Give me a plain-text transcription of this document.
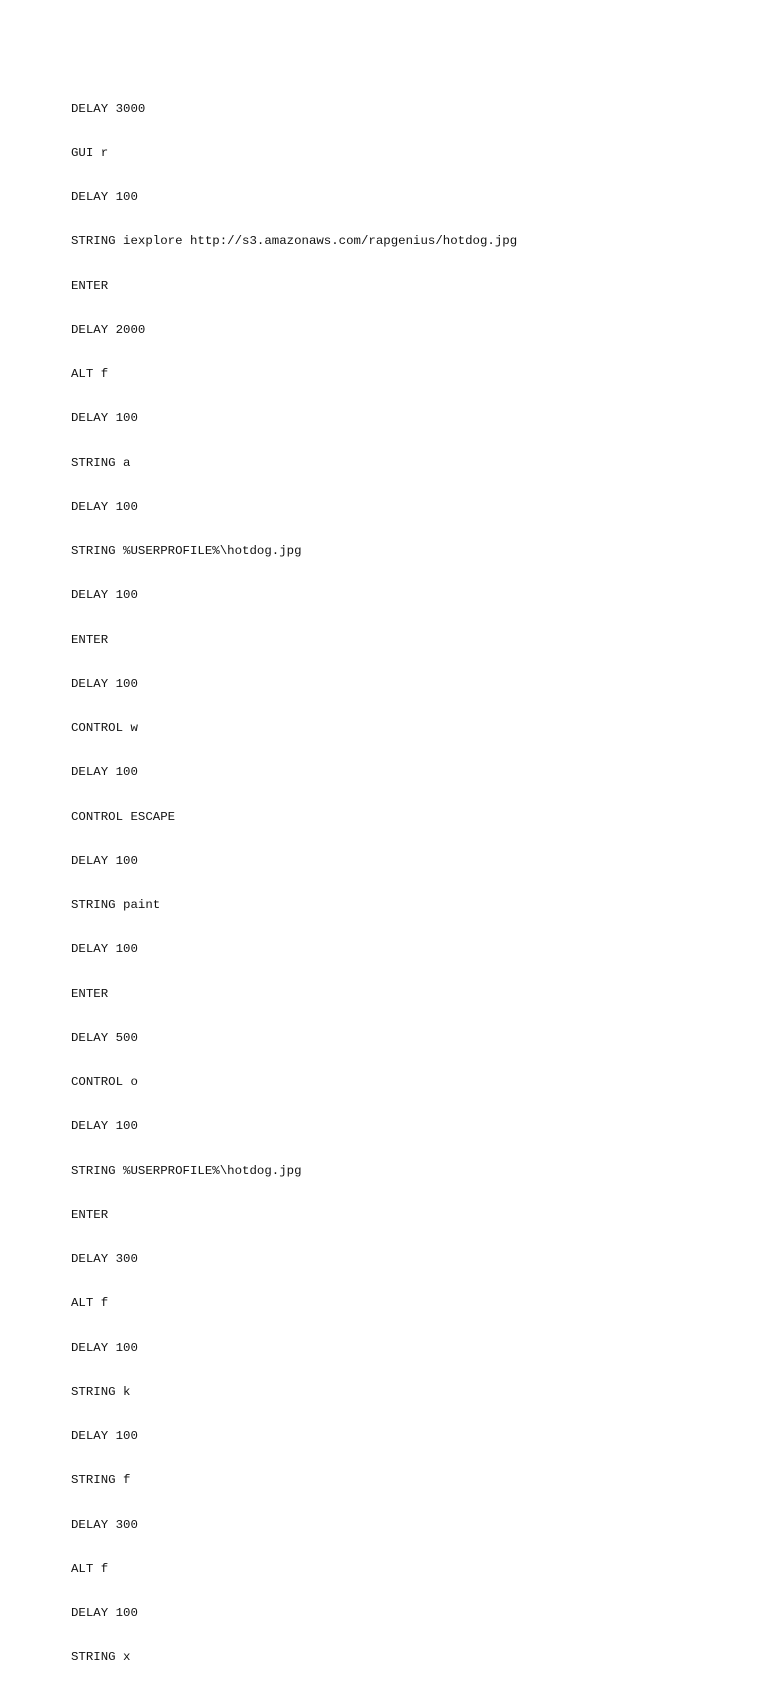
DELAY 3000

GUI r

DELAY 100

STRING iexplore http://s3.amazonaws.com/rapgenius/hotdog.jpg

ENTER

DELAY 2000

ALT f

DELAY 100

STRING a

DELAY 100

STRING %USERPROFILE%\hotdog.jpg

DELAY 100

ENTER

DELAY 100

CONTROL w

DELAY 100

CONTROL ESCAPE

DELAY 100

STRING paint

DELAY 100

ENTER

DELAY 500

CONTROL o

DELAY 100

STRING %USERPROFILE%\hotdog.jpg

ENTER

DELAY 300

ALT f

DELAY 100

STRING k

DELAY 100

STRING f

DELAY 300

ALT f

DELAY 100

STRING x
